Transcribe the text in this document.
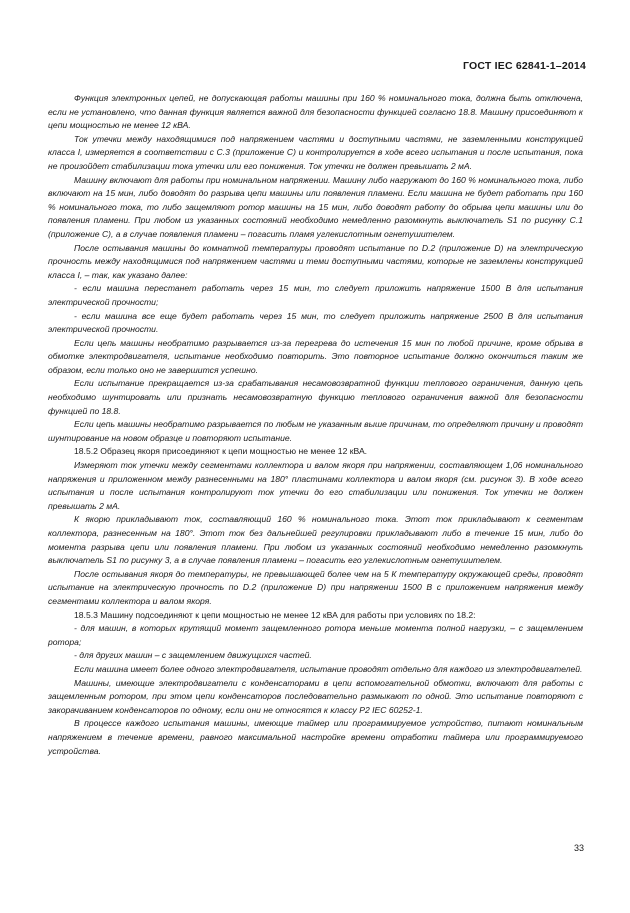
ГОСТ IEC 62841-1–2014

Функция электронных цепей, не допускающая работы машины при 160 % номинального тока, должна быть отключена, если не установлено, что данная функция является важной для безопасности функцией согласно 18.8. Машину присоединяют к цепи мощностью не менее 12 кВА.

Ток утечки между находящимися под напряжением частями и доступными частями, не заземленными конструкцией класса I, измеряется в соответствии с С.3 (приложение С) и контролируется в ходе всего испытания и после испытания, пока не произойдет стабилизации тока утечки или его понижения. Ток утечки не должен превышать 2 мА.

Машину включают для работы при номинальном напряжении. Машину либо нагружают до 160 % номинального тока, либо включают на 15 мин, либо доводят до разрыва цепи машины или появления пламени. Если машина не будет работать при 160 % номинального тока, то либо защемляют ротор машины на 15 мин, либо доводят работу до обрыва цепи машины или до появления пламени. При любом из указанных состояний необходимо немедленно разомкнуть выключатель S1 по рисунку С.1 (приложение С), а в случае появления пламени – погасить пламя углекислотным огнетушителем.

После остывания машины до комнатной температуры проводят испытание по D.2 (приложение D) на электрическую прочность между находящимися под напряжением частями и теми доступными частями, которые не заземлены конструкцией класса I, – так, как указано далее:

- если машина перестанет работать через 15 мин, то следует приложить напряжение 1500 В для испытания электрической прочности;

- если машина все еще будет работать через 15 мин, то следует приложить напряжение 2500 В для испытания электрической прочности.

Если цепь машины необратимо разрывается из-за перегрева до истечения 15 мин по любой причине, кроме обрыва в обмотке электродвигателя, испытание необходимо повторить. Это повторное испытание должно окончиться таким же образом, если только оно не завершится успешно.

Если испытание прекращается из-за срабатывания несамовозвратной функции теплового ограничения, данную цепь необходимо шунтировать или признать несамовозвратную функцию теплового ограничения важной для безопасности функцией по 18.8.

Если цепь машины необратимо разрывается по любым не указанным выше причинам, то определяют причину и проводят шунтирование на новом образце и повторяют испытание.

18.5.2 Образец якоря присоединяют к цепи мощностью не менее 12 кВА.

Измеряют ток утечки между сегментами коллектора и валом якоря при напряжении, составляющем 1,06 номинального напряжения и приложенном между разнесенными на 180° пластинами коллектора и валом якоря (см. рисунок 3). В ходе всего испытания и после испытания контролируют ток утечки до его стабилизации или понижения. Ток утечки не должен превышать 2 мА.

К якорю прикладывают ток, составляющий 160 % номинального тока. Этот ток прикладывают к сегментам коллектора, разнесенным на 180°. Этот ток без дальнейшей регулировки прикладывают либо в течение 15 мин, либо до момента разрыва цепи или появления пламени. При любом из указанных состояний необходимо немедленно разомкнуть выключатель S1 по рисунку 3, а в случае появления пламени – погасить его углекислотным огнетушителем.

После остывания якоря до температуры, не превышающей более чем на 5 К температуру окружающей среды, проводят испытание на электрическую прочность по D.2 (приложение D) при напряжении 1500 В с приложением напряжения между сегментами коллектора и валом якоря.

18.5.3 Машину подсоединяют к цепи мощностью не менее 12 кВА для работы при условиях по 18.2:

- для машин, в которых крутящий момент защемленного ротора меньше момента полной нагрузки, – с защемлением ротора;

- для других машин – с защемлением движущихся частей.

Если машина имеет более одного электродвигателя, испытание проводят отдельно для каждого из электродвигателей.

Машины, имеющие электродвигатели с конденсаторами в цепи вспомогательной обмотки, включают для работы с защемленным ротором, при этом цепи конденсаторов последовательно размыкают по одной. Это испытание повторяют с закорачиванием конденсаторов по одному, если они не относятся к классу Р2 IEC 60252-1.

В процессе каждого испытания машины, имеющие таймер или программируемое устройство, питают номинальным напряжением в течение времени, равного максимальной настройке времени отработки таймера или программируемого устройства.

33
